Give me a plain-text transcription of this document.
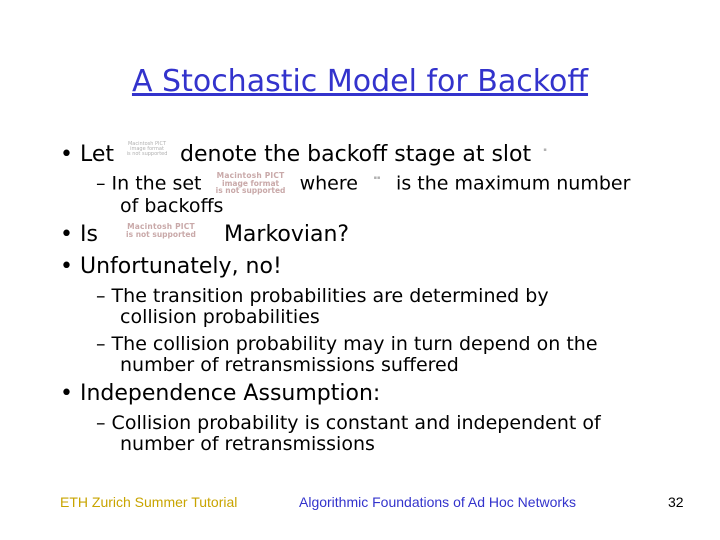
A Stochastic Model for Backoff
• Let	Macintosh PICT
image format
is not supported denote the backoff stage at slot	▪
– In the set	Macintosh PICT
image format
is not supported where	▪▪ is the maximum number
of backoffs
• Is	Macintosh PICT
is not supported	Markovian?
• Unfortunately, no!
– The transition probabilities are determined by
collision probabilities
– The collision probability may in turn depend on the
number of retransmissions suffered
• Independence Assumption:
– Collision probability is constant and independent of
number of retransmissions
ETH Zurich Summer Tutorial	Algorithmic Foundations of Ad Hoc Networks	32
